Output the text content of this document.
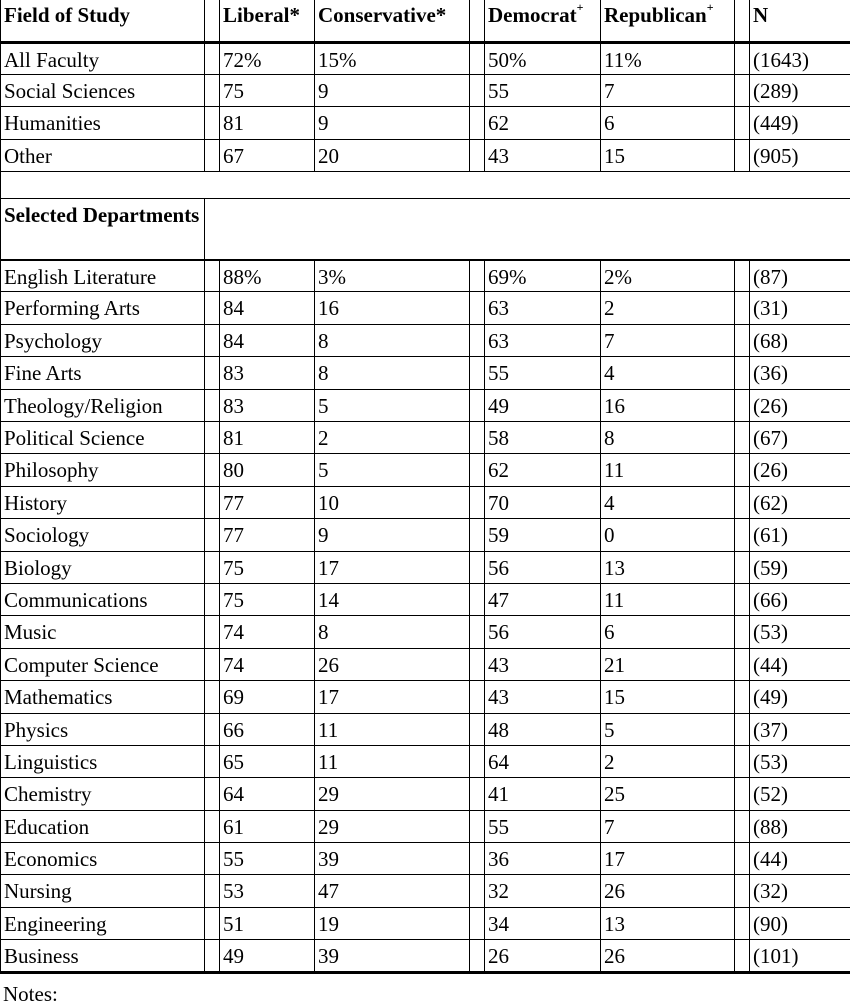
Field of Study		Liberal*	Conservative*		Democrat+	Republican+		N
All Faculty		72%	15%		50%	11%		(1643)
Social Sciences		75	9		55	7		(289)
Humanities		81	9		62	6		(449)
Other		67	20		43	15		(905)

Selected Departments								

English Literature		88%	3%		69%	2%		(87)
Performing Arts		84	16		63	2		(31)
Psychology		84	8		63	7		(68)
Fine Arts		83	8		55	4		(36)
Theology/Religion		83	5		49	16		(26)
Political Science		81	2		58	8		(67)
Philosophy		80	5		62	11		(26)
History		77	10		70	4		(62)
Sociology		77	9		59	0		(61)
Biology		75	17		56	13		(59)
Communications		75	14		47	11		(66)
Music		74	8		56	6		(53)
Computer Science		74	26		43	21		(44)
Mathematics		69	17		43	15		(49)
Physics		66	11		48	5		(37)
Linguistics		65	11		64	2		(53)
Chemistry		64	29		41	25		(52)
Education		61	29		55	7		(88)
Economics		55	39		36	17		(44)
Nursing		53	47		32	26		(32)
Engineering		51	19		34	13		(90)
Business		49	39		26	26		(101)
Notes:
